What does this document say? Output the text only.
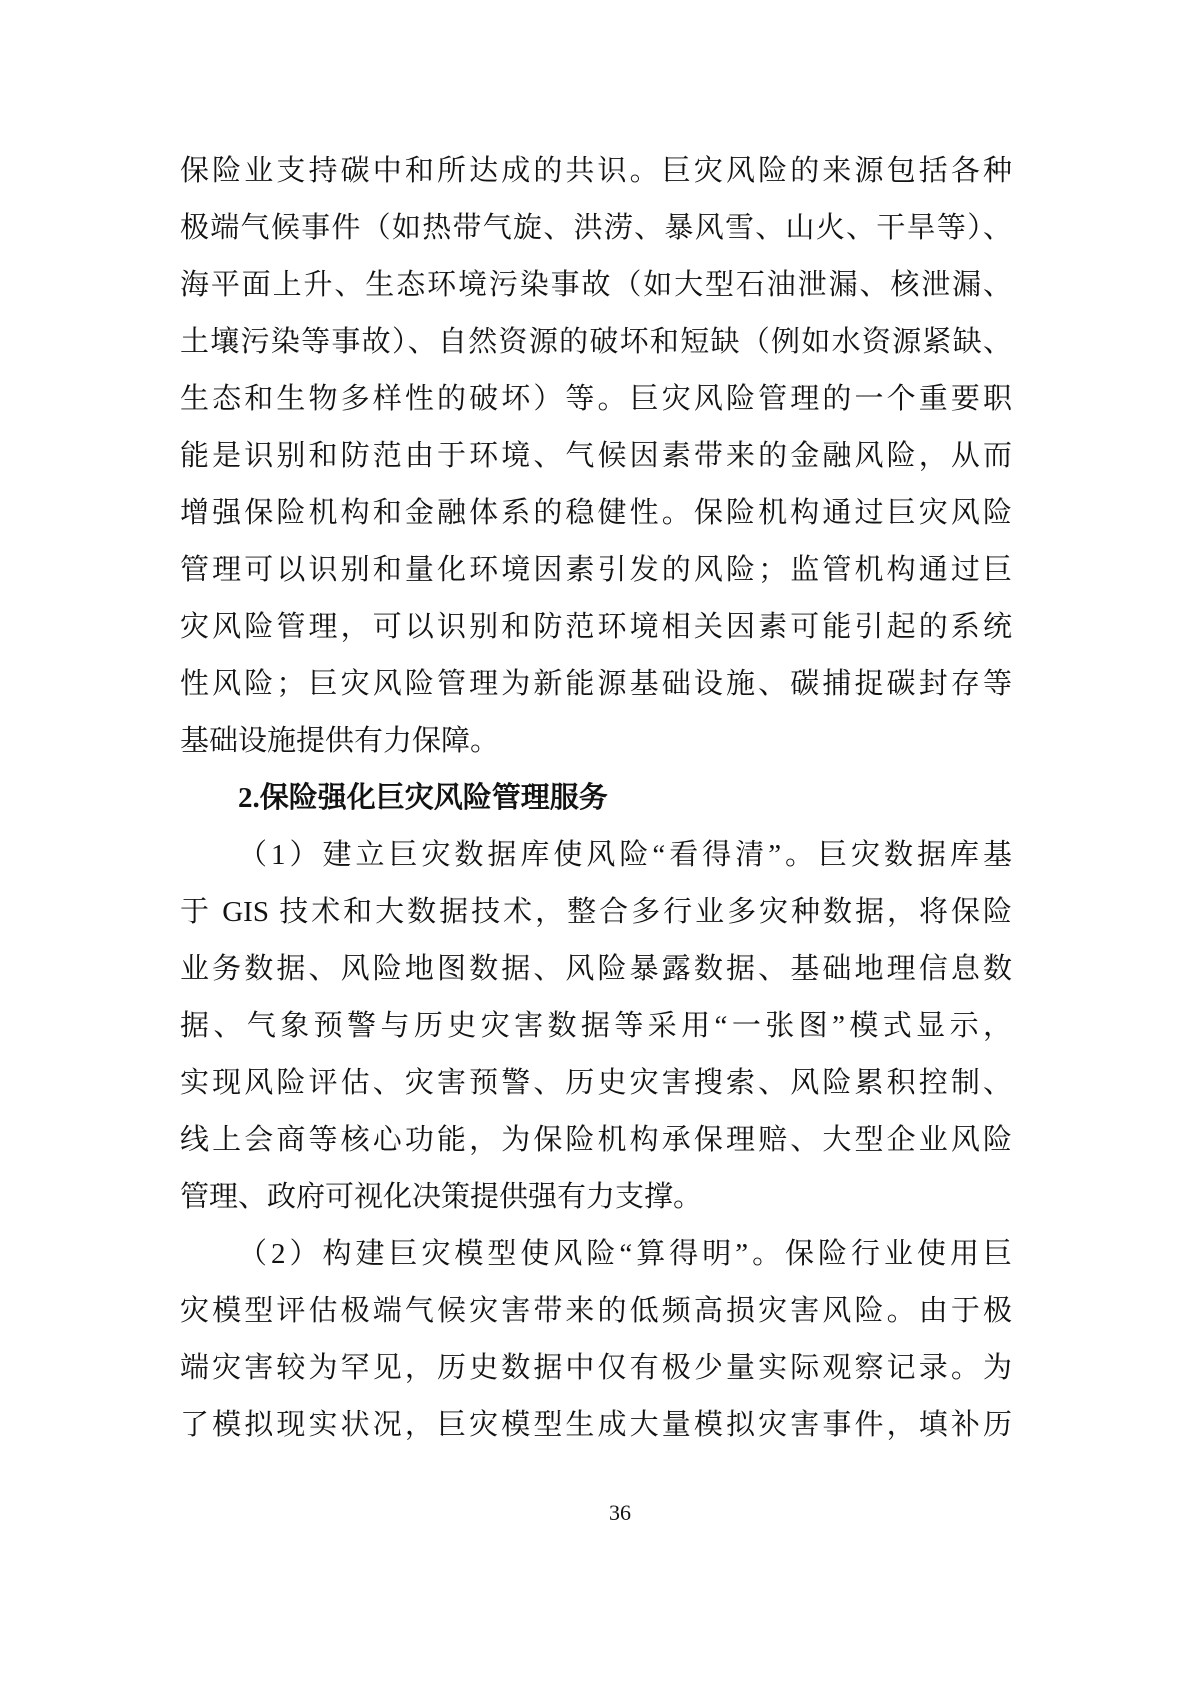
保险业支持碳中和所达成的共识。巨灾风险的来源包括各种
极端气候事件（如热带气旋、洪涝、暴风雪、山火、干旱等）、
海平面上升、生态环境污染事故（如大型石油泄漏、核泄漏、
土壤污染等事故）、自然资源的破坏和短缺（例如水资源紧缺、
生态和生物多样性的破坏）等。巨灾风险管理的一个重要职
能是识别和防范由于环境、气候因素带来的金融风险，从而
增强保险机构和金融体系的稳健性。保险机构通过巨灾风险
管理可以识别和量化环境因素引发的风险；监管机构通过巨
灾风险管理，可以识别和防范环境相关因素可能引起的系统
性风险；巨灾风险管理为新能源基础设施、碳捕捉碳封存等
基础设施提供有力保障。
2.保险强化巨灾风险管理服务
（1）建立巨灾数据库使风险“看得清”。巨灾数据库基
于 GIS 技术和大数据技术，整合多行业多灾种数据，将保险
业务数据、风险地图数据、风险暴露数据、基础地理信息数
据、气象预警与历史灾害数据等采用“一张图”模式显示，
实现风险评估、灾害预警、历史灾害搜索、风险累积控制、
线上会商等核心功能，为保险机构承保理赔、大型企业风险
管理、政府可视化决策提供强有力支撑。
（2）构建巨灾模型使风险“算得明”。保险行业使用巨
灾模型评估极端气候灾害带来的低频高损灾害风险。由于极
端灾害较为罕见，历史数据中仅有极少量实际观察记录。为
了模拟现实状况，巨灾模型生成大量模拟灾害事件，填补历
36
